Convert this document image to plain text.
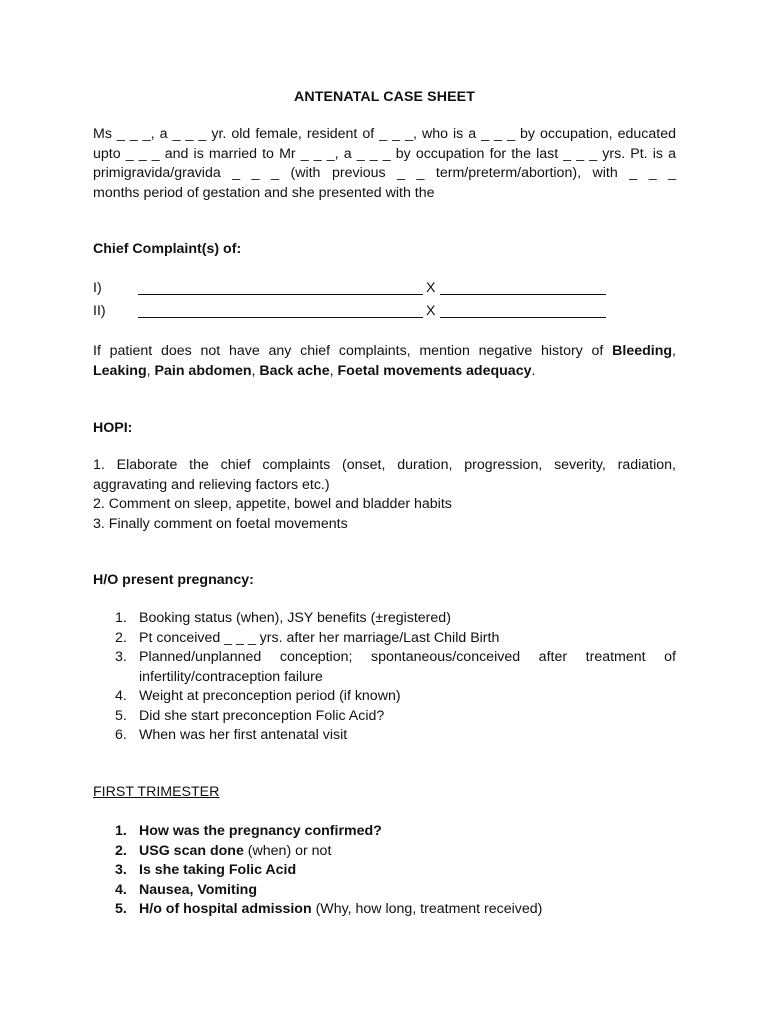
ANTENATAL CASE SHEET
Ms _ _ _, a _ _ _ yr. old female, resident of _ _ _, who is a _ _ _ by occupation, educated
upto _ _ _ and is married to Mr _ _ _, a _ _ _ by occupation for the last _ _ _ yrs. Pt. is a
primigravida/gravida _ _ _ (with previous _ _ term/preterm/abortion), with _ _ _
months period of gestation and she presented with the
Chief Complaint(s) of:
I)	X
II)	X
If patient does not have any chief complaints, mention negative history of Bleeding,
Leaking, Pain abdomen, Back ache, Foetal movements adequacy.
HOPI:
1. Elaborate the chief complaints (onset, duration, progression, severity, radiation,
aggravating and relieving factors etc.)
2. Comment on sleep, appetite, bowel and bladder habits
3. Finally comment on foetal movements
H/O present pregnancy:
1. Booking status (when), JSY benefits (±registered)
2. Pt conceived _ _ _ yrs. after her marriage/Last Child Birth
3. Planned/unplanned conception; spontaneous/conceived after treatment of
infertility/contraception failure
4. Weight at preconception period (if known)
5. Did she start preconception Folic Acid?
6. When was her first antenatal visit
FIRST TRIMESTER
1. How was the pregnancy confirmed?
2. USG scan done (when) or not
3. Is she taking Folic Acid
4. Nausea, Vomiting
5. H/o of hospital admission (Why, how long, treatment received)
